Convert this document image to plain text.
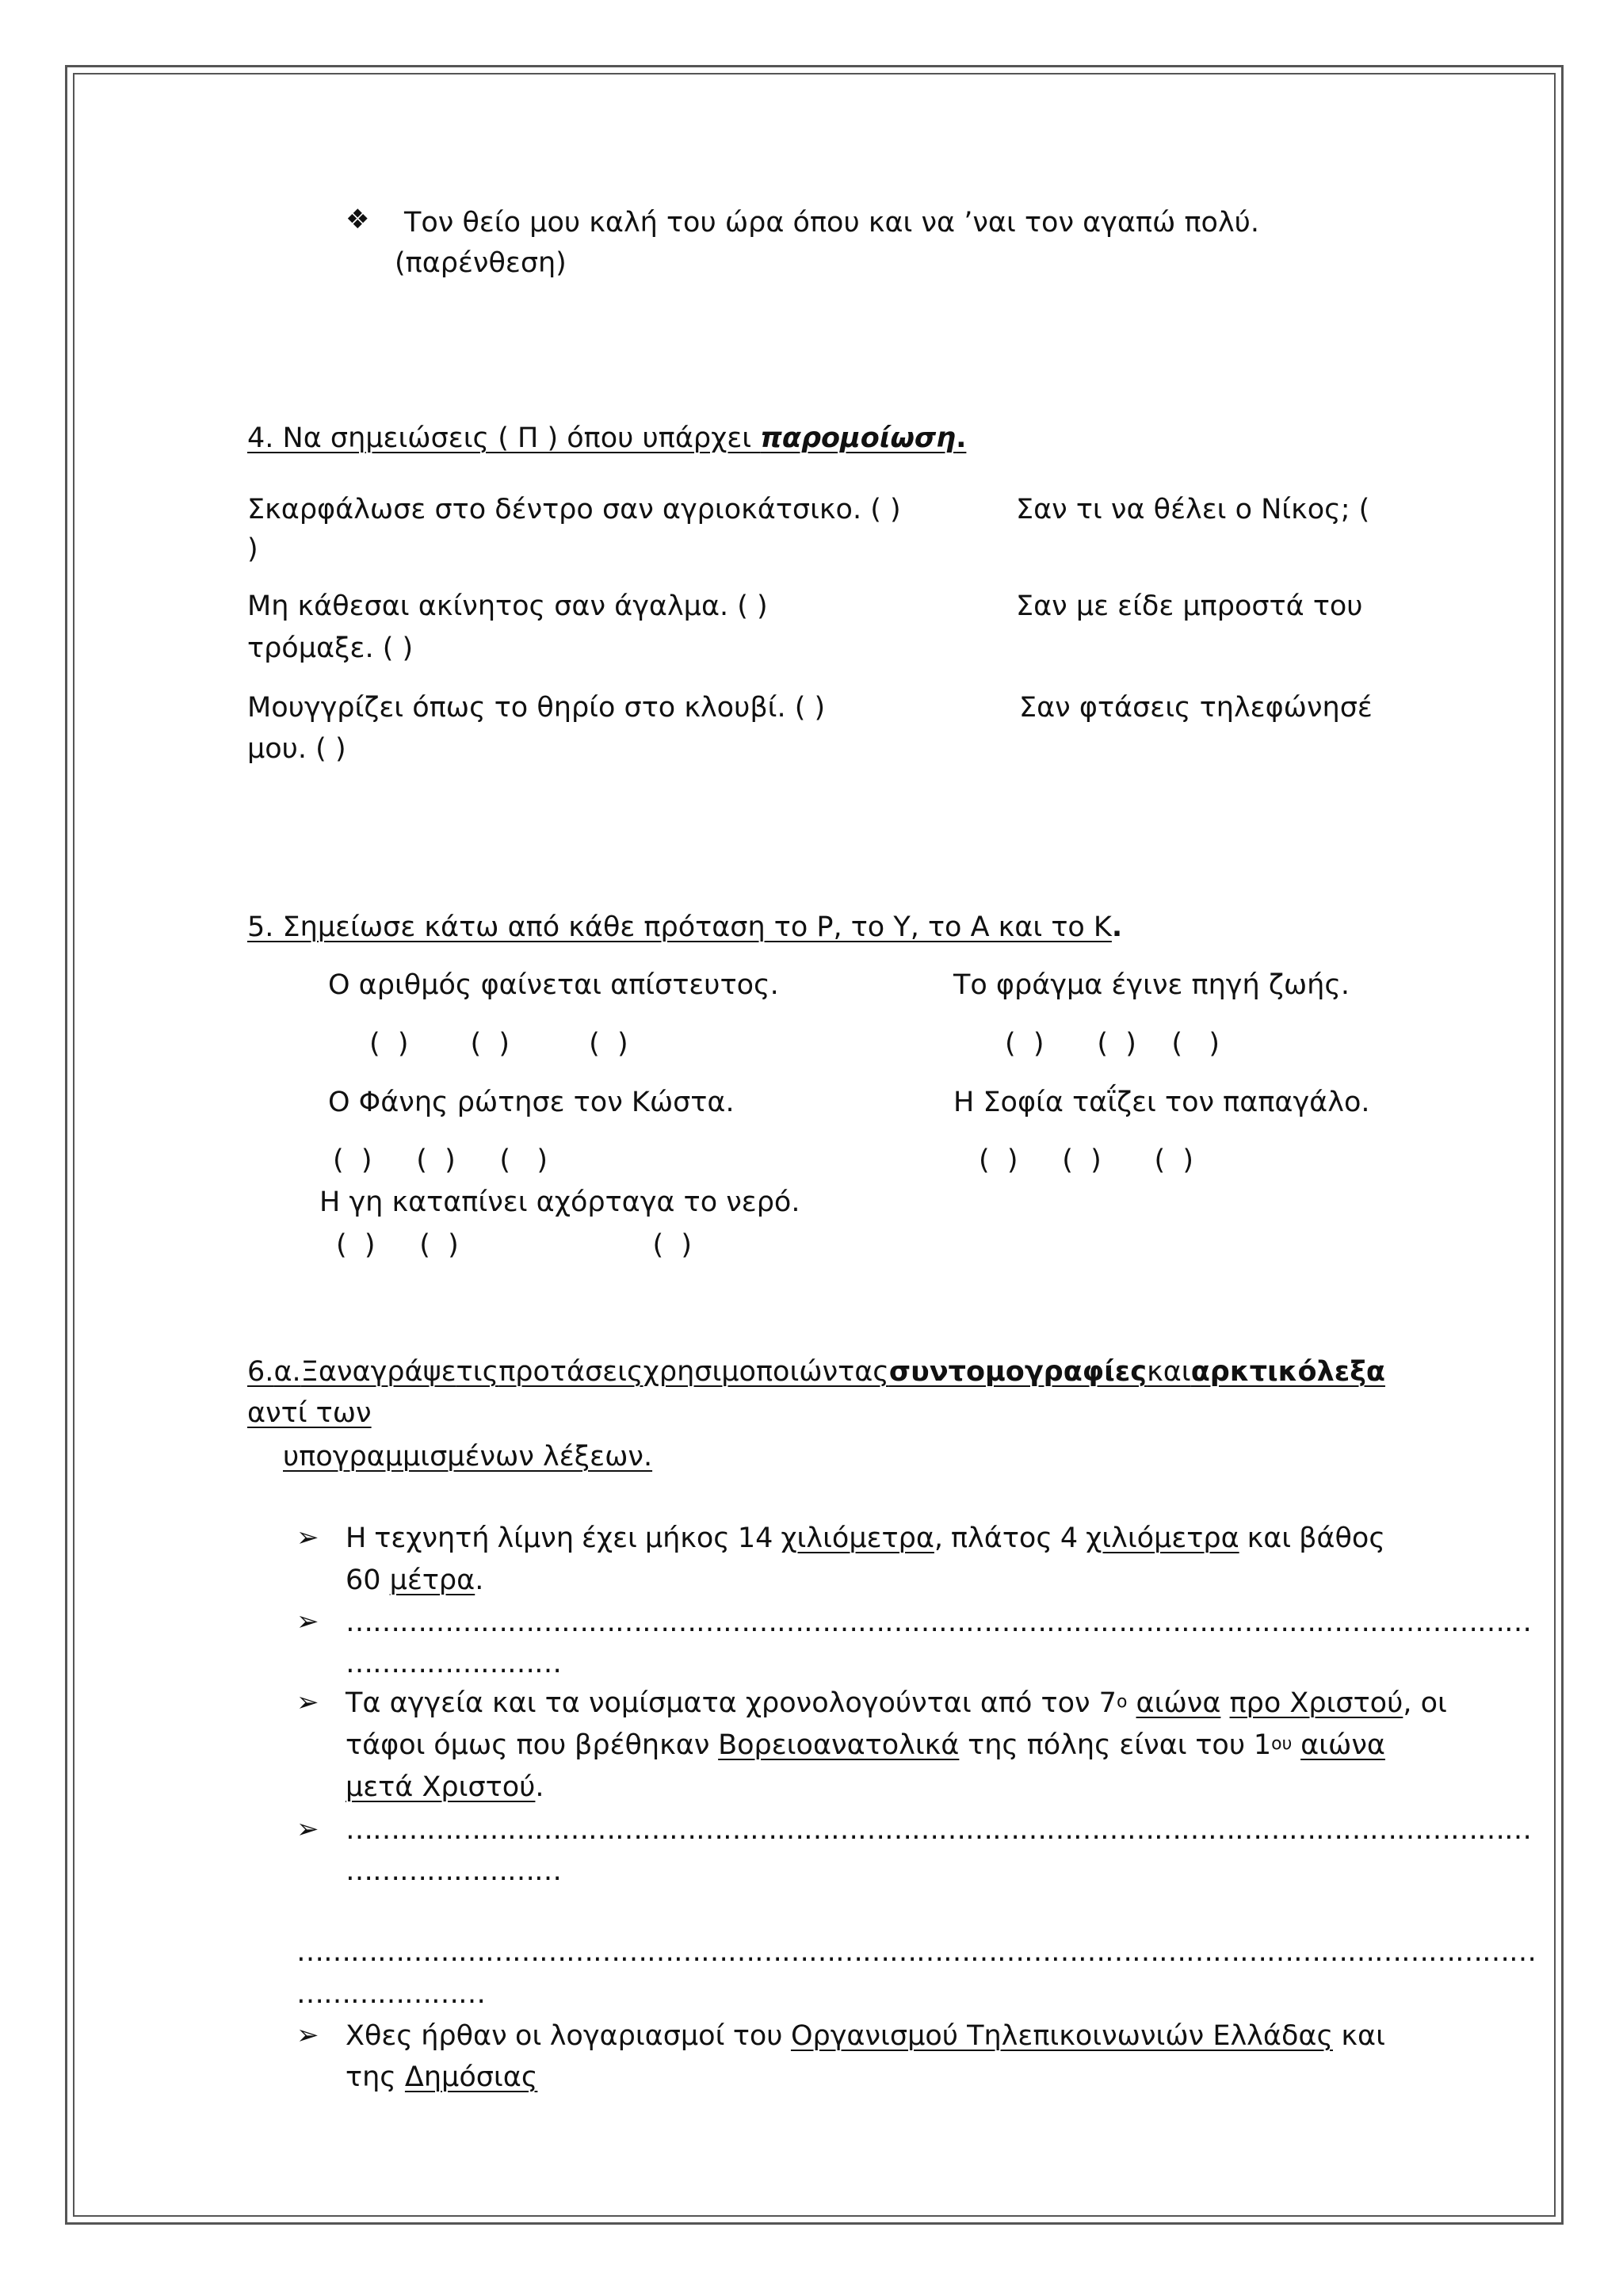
❖ Τον θείο μου καλή του ώρα όπου και να ’ναι τον αγαπώ πολύ.
(παρένθεση)
4. Να σημειώσεις ( Π ) όπου υπάρχει παρομοίωση.
Σκαρφάλωσε στο δέντρο σαν αγριοκάτσικο. ( )	Σαν τι να θέλει ο Νίκος; (
)
Μη κάθεσαι ακίνητος σαν άγαλμα. ( )	Σαν με είδε μπροστά του
τρόμαξε. ( )
Μουγγρίζει όπως το θηρίο στο κλουβί. ( )	Σαν φτάσεις τηλεφώνησέ
μου. ( )
5. Σημείωσε κάτω από κάθε πρόταση το Ρ, το Υ, το Α και το Κ.
Ο αριθμός φαίνεται απίστευτος.	Το φράγμα έγινε πηγή ζωής.
(  )       (  )         (  )	(  )      (  )    (   )
Ο Φάνης ρώτησε τον Κώστα.	Η Σοφία ταΐζει τον παπαγάλο.
(  )     (  )     (   )	(  )     (  )      (  )
Η γη καταπίνει αχόρταγα το νερό.
(  )     (  )                      (  )
6. α. Ξαναγράψε τις προτάσεις χρησιμοποιώντας συντομογραφίες και αρκτικόλεξα
αντί των
υπογραμμισμένων λέξεων.
➢ Η τεχνητή λίμνη έχει μήκος 14 χιλιόμετρα, πλάτος 4 χιλιόμετρα και βάθος
60 μέτρα.
➢ ……………………………………………………………………………………………………………………
……………………
➢ Τα αγγεία και τα νομίσματα χρονολογούνται από τον $7^o$ αιώνα προ Χριστού, οι
τάφοι όμως που βρέθηκαν Βορειοανατολικά της πόλης είναι του $1^{o\upsilon}$ αιώνα
μετά Χριστού.
➢ ……………………………………………………………………………………………………………………
……………………
…………………………………………………………………………………………………………………………
…………………
➢ Χθες ήρθαν οι λογαριασμοί του Οργανισμού Τηλεπικοινωνιών Ελλάδας και
της Δημόσιας
